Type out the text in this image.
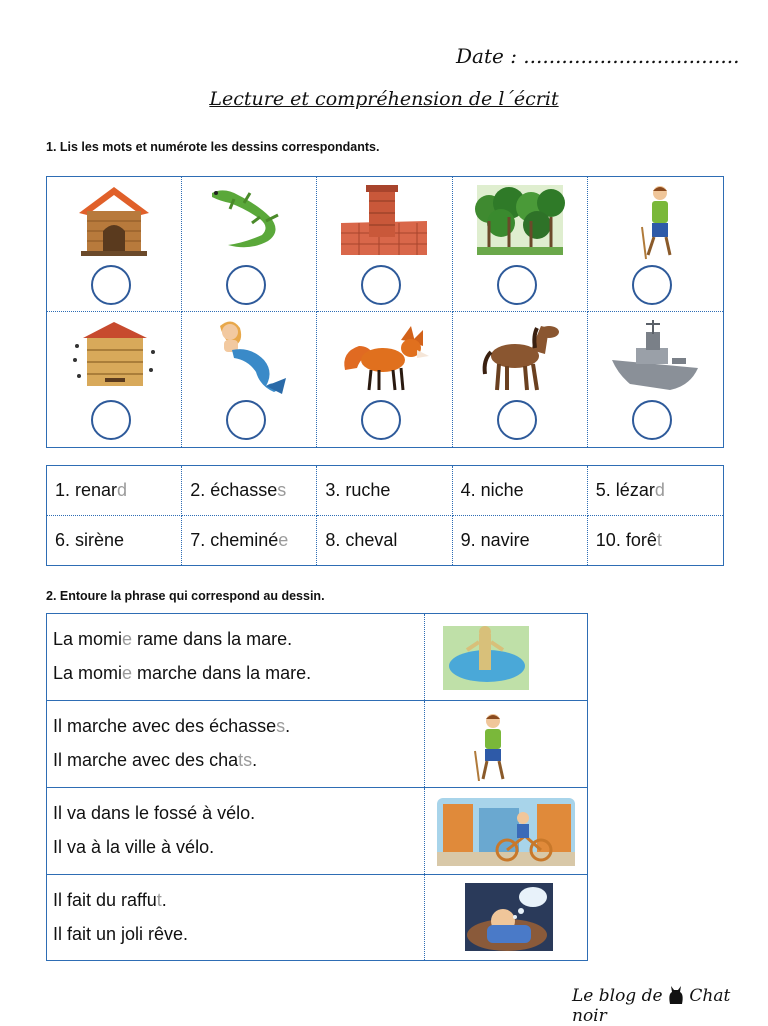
Date : ..................................
Lecture et compréhension de l´écrit
1. Lis les mots et numérote les dessins correspondants.
1. renar d	2. échasse s 3. ruche	4. niche	5. lézar d
6. sirène	7. cheminé e 8. cheval	9. navire	10. forê t
2. Entoure la phrase qui correspond au dessin.
La momie rame dans la mare.
La momie marche dans la mare.
Il marche avec des échasses.
Il marche avec des chats.
Il va dans le fossé à vélo.
Il va à la ville à vélo.
Il fait du raffut.
Il fait un joli rêve.
Le blog de  Chat noir
